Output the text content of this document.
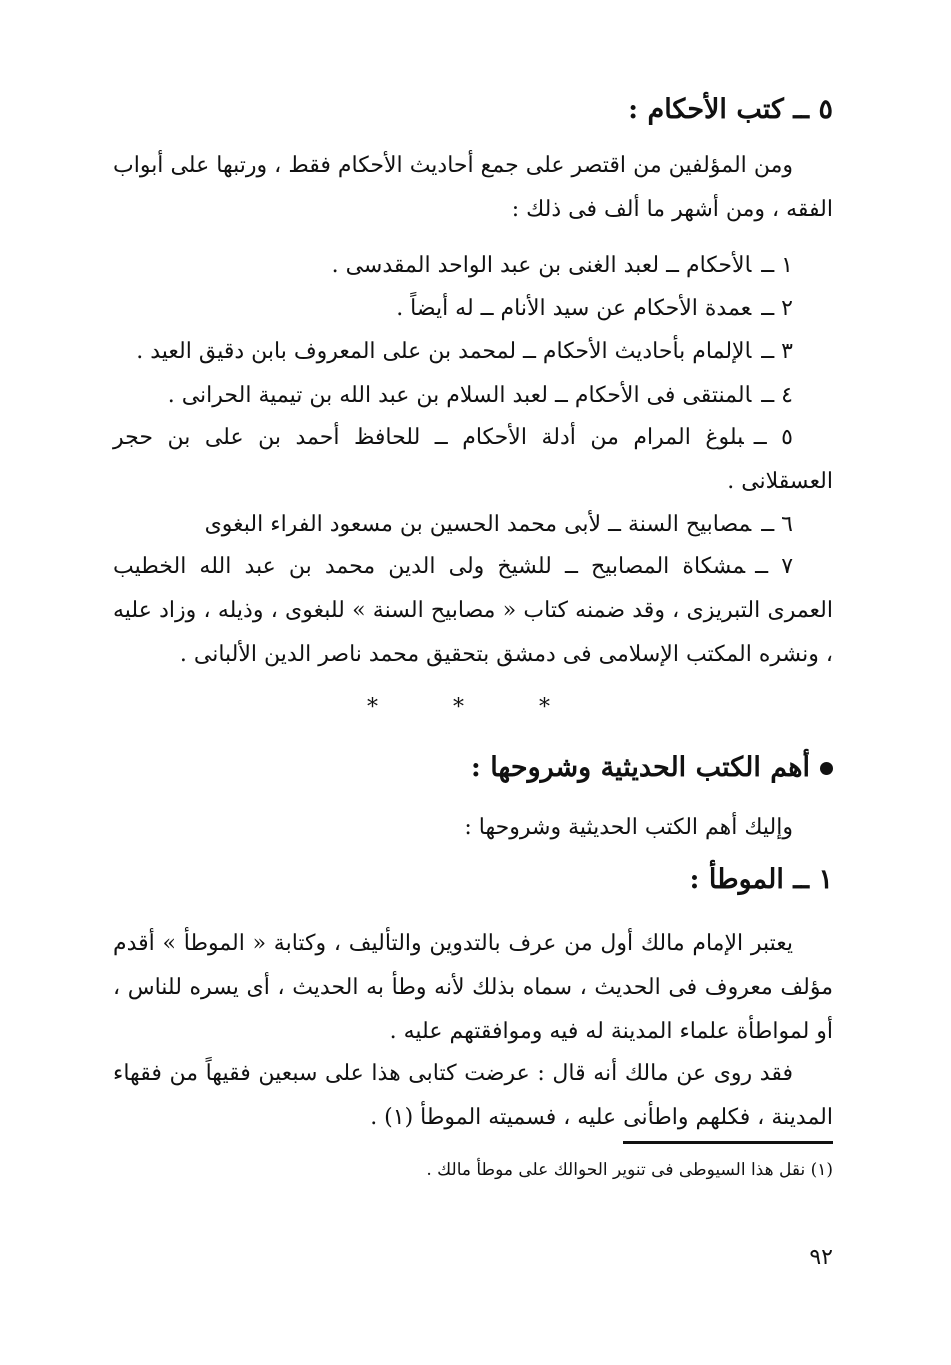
٥ ــ كتب الأحكام :
ومن المؤلفين من اقتصر على جمع أحاديث الأحكام فقط ، ورتبها على أبواب الفقه ، ومن أشهر ما ألف فى ذلك :
١ ــالأحكام ــ لعبد الغنى بن عبد الواحد المقدسى .
٢ ــعمدة الأحكام عن سيد الأنام ــ له أيضاً .
٣ ــالإلمام بأحاديث الأحكام ــ لمحمد بن على المعروف بابن دقيق العيد .
٤ ــالمنتقى فى الأحكام ــ لعبد السلام بن عبد الله بن تيمية الحرانى .
٥ ــبلوغ المرام من أدلة الأحكام ــ للحافظ أحمد بن على بن حجر العسقلانى .
٦ ــمصابيح السنة ــ لأبى محمد الحسين بن مسعود الفراء البغوى
٧ ــمشكاة المصابيح ــ للشيخ ولى الدين محمد بن عبد الله الخطيب العمرى التبريزى ، وقد ضمنه كتاب « مصابيح السنة » للبغوى ، وذيله ، وزاد عليه ، ونشره المكتب الإسلامى فى دمشق بتحقيق محمد ناصر الدين الألبانى .
* * *
أهم الكتب الحديثية وشروحها :
وإليك أهم الكتب الحديثية وشروحها :
١ ــ الموطأ :
يعتبر الإمام مالك أول من عرف بالتدوين والتأليف ، وكتابة « الموطأ » أقدم مؤلف معروف فى الحديث ، سماه بذلك لأنه وطأ به الحديث ، أى يسره للناس ، أو لمواطأة علماء المدينة له فيه وموافقتهم عليه .
فقد روى عن مالك أنه قال : عرضت كتابى هذا على سبعين فقيهاً من فقهاء المدينة ، فكلهم واطأنى عليه ، فسميته الموطأ (١) .
(١) نقل هذا السيوطى فى تنوير الحوالك على موطأ مالك .
٩٢
